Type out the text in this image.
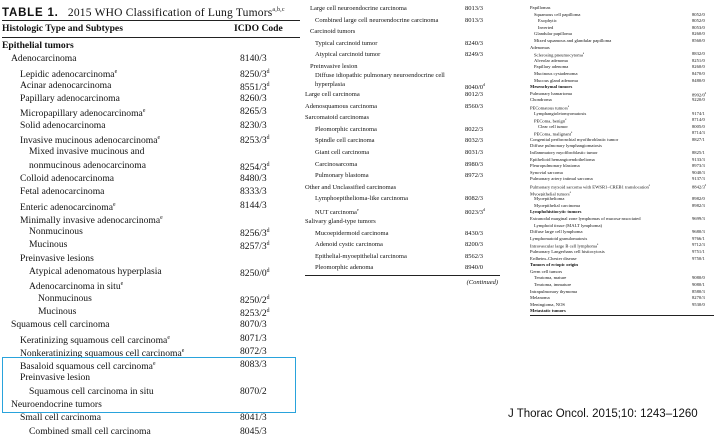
TABLE 1. 2015 WHO Classification of Lung Tumors$^{a,b,c}$
Histologic Type and Subtypes	ICDO Code
Epithelial tumors
Adenocarcinoma	8140/3
Lepidic adenocarcinoma$^e$	8250/3$^d$
Acinar adenocarcinoma	8551/3$^d$
Papillary adenocarcinoma	8260/3
Micropapillary adenocarcinoma$^e$	8265/3
Solid adenocarcinoma	8230/3
Invasive mucinous adenocarcinoma$^e$	8253/3$^d$
Mixed invasive mucinous and
nonmucinous adenocarcinoma	8254/3$^d$
Colloid adenocarcinoma	8480/3
Fetal adenocarcinoma	8333/3
Enteric adenocarcinoma$^e$	8144/3
Minimally invasive adenocarcinoma$^e$
Nonmucinous	8256/3$^d$
Mucinous	8257/3$^d$
Preinvasive lesions
Atypical adenomatous hyperplasia	8250/0$^d$
Adenocarcinoma in situ$^e$
Nonmucinous	8250/2$^d$
Mucinous	8253/2$^d$
Squamous cell carcinoma	8070/3
Keratinizing squamous cell carcinoma$^e$	8071/3
Nonkeratinizing squamous cell carcinoma$^e$	8072/3
Basaloid squamous cell carcinoma$^e$	8083/3
Preinvasive lesion
Squamous cell carcinoma in situ	8070/2
Neuroendocrine tumors
Small cell carcinoma	8041/3
Combined small cell carcinoma	8045/3
Large cell neuroendocrine carcinoma	8013/3
Combined large cell neuroendocrine carcinoma	8013/3
Carcinoid tumors
Typical carcinoid tumor	8240/3
Atypical carcinoid tumor	8249/3
Preinvasive lesion
Diffuse idiopathic pulmonary neuroendocrine cell hyperplasia	8040/0$^d$
Large cell carcinoma	8012/3
Adenosquamous carcinoma	8560/3
Sarcomatoid carcinomas
Pleomorphic carcinoma	8022/3
Spindle cell carcinoma	8032/3
Giant cell carcinoma	8031/3
Carcinosarcoma	8980/3
Pulmonary blastoma	8972/3
Other and Unclassified carcinomas
Lymphoepithelioma-like carcinoma	8082/3
NUT carcinoma$^e$	8023/3$^d$
Salivary gland-type tumors
Mucoepidermoid carcinoma	8430/3
Adenoid cystic carcinoma	8200/3
Epithelial-myoepithelial carcinoma	8562/3
Pleomorphic adenoma	8940/0
(Continued)
Papillomas
Squamous cell papilloma	8052/0
Exophytic	8052/0
Inverted	8053/0
Glandular papilloma	8260/0
Mixed squamous and glandular papilloma	8560/0
Adenomas
Sclerosing pneumocytoma$^e$	8832/0
Alveolar adenoma	8251/0
Papillary adenoma	8260/0
Mucinous cystadenoma	8470/0
Mucous gland adenoma	8480/0
Mesenchymal tumors
Pulmonary hamartoma	8992/0$^d$
Chondroma	9220/0
PEComatous tumors$^e$
Lymphangioleiomyomatosis	9174/1
PEComa, benign$^e$	8714/0
Clear cell tumor	8005/0
PEComa, malignant$^e$	8714/3
Congenital peribronchial myofibroblastic tumor	8827/1
Diffuse pulmonary lymphangiomatosis
Inflammatory myofibroblastic tumor	8825/1
Epithelioid hemangioendothelioma	9133/3
Pleuropulmonary blastoma	8973/3
Synovial sarcoma	9040/3
Pulmonary artery intimal sarcoma	9137/3
Pulmonary myxoid sarcoma with EWSR1–CREB1 translocation$^e$	8842/3$^d$
Myoepithelial tumors$^e$
Myoepithelioma	8982/0
Myoepithelial carcinoma	8982/3
Lymphohistiocytic tumors
Extranodal marginal zone lymphomas of mucosa-associated	9699/3
Lymphoid tissue (MALT lymphoma)
Diffuse large cell lymphoma	9680/3
Lymphomatoid granulomatosis	9766/1
Intravascular large B cell lymphoma$^e$	9712/3
Pulmonary Langerhans cell histiocytosis	9751/1
Erdheim–Chester disease	9750/1
Tumors of ectopic origin
Germ cell tumors
Teratoma, mature	9080/0
Teratoma, immature	9080/1
Intrapulmonary thymoma	8580/3
Melanoma	8270/3
Meningioma, NOS	9530/0
Metastatic tumors
J Thorac Oncol. 2015;10: 1243–1260
